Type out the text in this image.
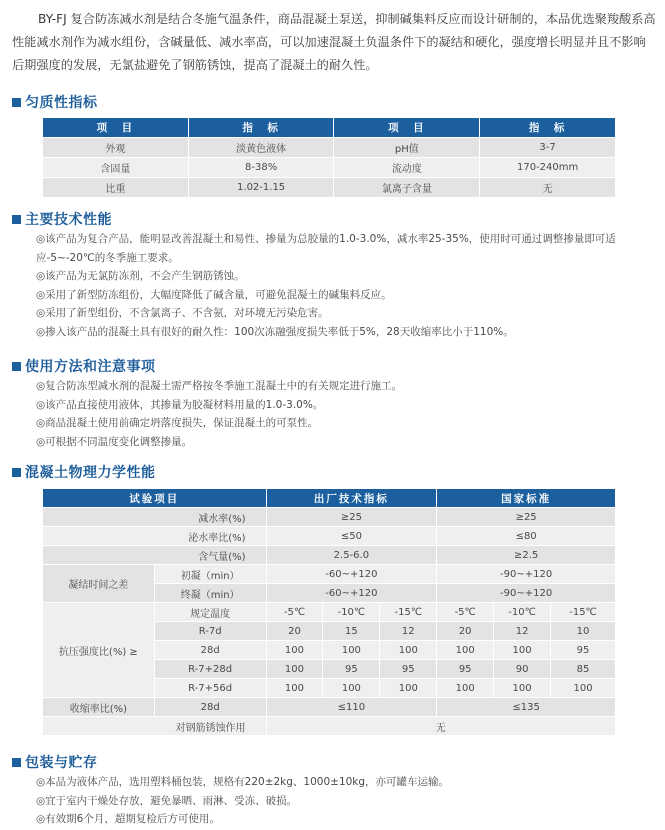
BY-FJ 复合防冻减水剂是结合冬施气温条件，商品混凝土泵送，抑制碱集料反应而设计研制的，本品优选聚羧酸系高性能减水剂作为减水组份，含碱量低、减水率高，可以加速混凝土负温条件下的凝结和硬化，强度增长明显并且不影响后期强度的发展，无氯盐避免了钢筋锈蚀，提高了混凝土的耐久性。

匀质性指标
项　目	指　标	项　目	指　标
外观	淡黄色液体	pH值	3-7
含固量	8-38%	流动度	170-240mm
比重	1.02-1.15	氯离子含量	无
主要技术性能

◎该产品为复合产品，能明显改善混凝土和易性、掺量为总胶量的1.0-3.0%，减水率25-35%，使用时可通过调整掺量即可适应-5~-20℃的冬季施工要求。

◎该产品为无氯防冻剂，不会产生钢筋锈蚀。

◎采用了新型防冻组份，大幅度降低了碱含量，可避免混凝土的碱集料反应。

◎采用了新型组份，不含氯离子、不含氨，对环境无污染危害。

◎掺入该产品的混凝土具有很好的耐久性：100次冻融强度损失率低于5%，28天收缩率比小于110%。

使用方法和注意事项

◎复合防冻型减水剂的混凝土需严格按冬季施工混凝土中的有关规定进行施工。

◎该产品直接使用液体，其掺量为胶凝材料用量的1.0-3.0%。

◎商品混凝土使用前确定坍落度损失，保证混凝土的可泵性。

◎可根据不同温度变化调整掺量。

混凝土物理力学性能
试验项目		出厂技术指标			国家标准		
减水率(%)		≥25			≥25		
泌水率比(%)		≤50			≤80		
含气量(%)		2.5-6.0			≥2.5		
凝结时间之差	初凝（min）	-60~+120			-90~+120		
	终凝（min）	-60~+120			-90~+120		
抗压强度比(%) ≥	规定温度	-5℃	-10℃	-15℃	-5℃	-10℃	-15℃
	R-7d	20	15	12	20	12	10
	28d	100	100	100	100	100	95
	R-7+28d	100	95	95	95	90	85
	R-7+56d	100	100	100	100	100	100
收缩率比(%)	28d	≤110			≤135		
对钢筋锈蚀作用		无					
包装与贮存

◎本品为液体产品，选用塑料桶包装，规格有220±2kg、1000±10kg，亦可罐车运输。

◎宜于室内干燥处存放，避免暴晒、雨淋、受冻、破损。

◎有效期6个月，超期复检后方可使用。
